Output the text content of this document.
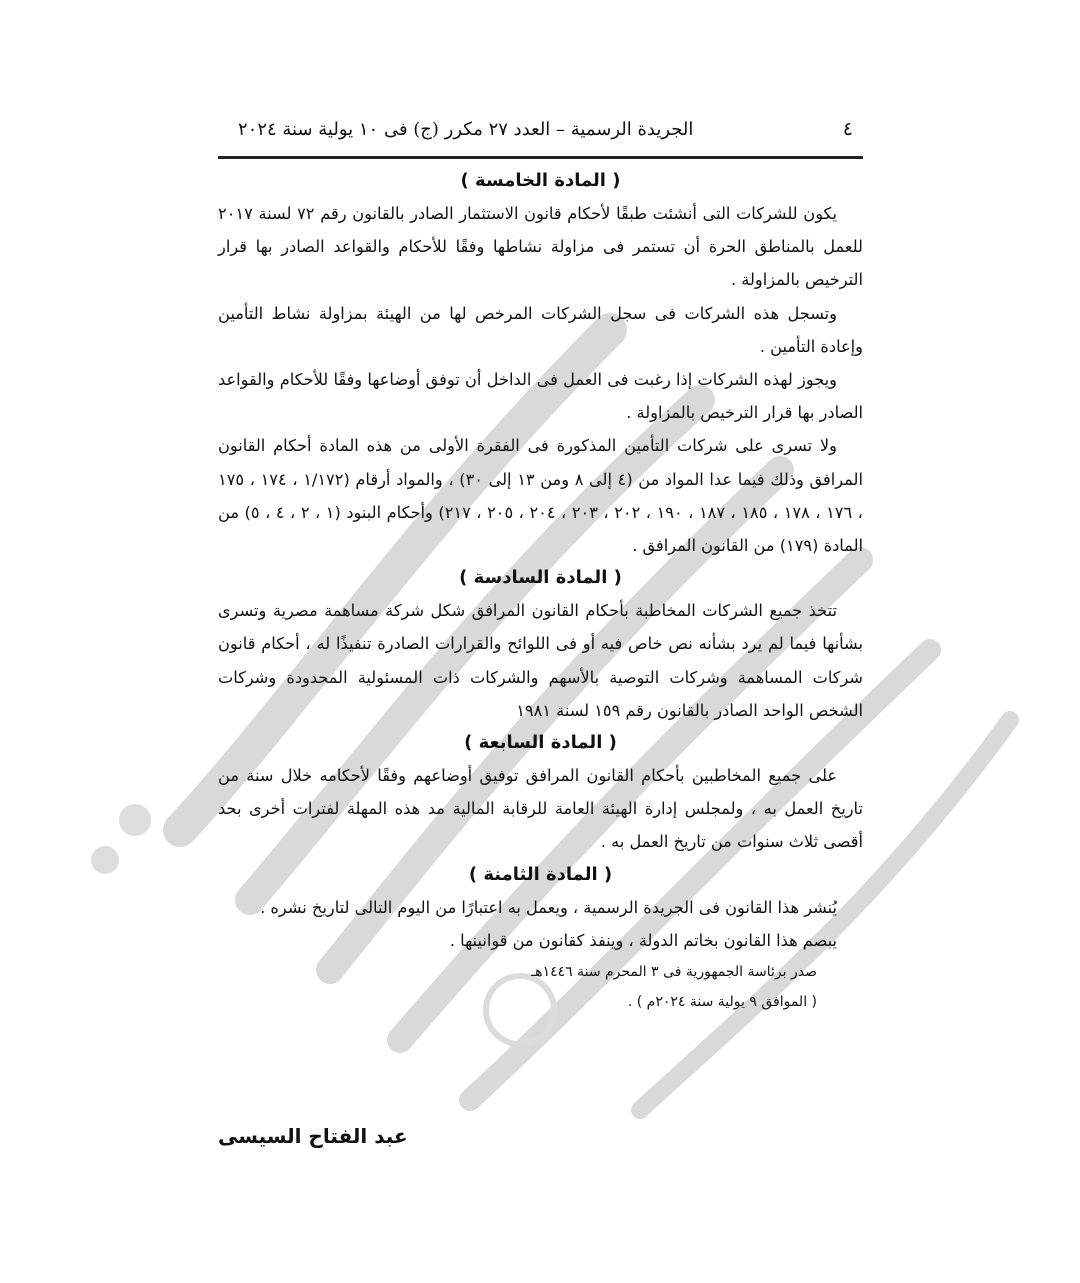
٤
الجريدة الرسمية – العدد ٢٧ مكرر (ج) فى ١٠ يولية سنة ٢٠٢٤
( المادة الخامسة )

يكون للشركات التى أنشئت طبقًا لأحكام قانون الاستثمار الصادر بالقانون رقم ٧٢ لسنة ٢٠١٧ للعمل بالمناطق الحرة أن تستمر فى مزاولة نشاطها وفقًا للأحكام والقواعد الصادر بها قرار الترخيص بالمزاولة .

وتسجل هذه الشركات فى سجل الشركات المرخص لها من الهيئة بمزاولة نشاط التأمين وإعادة التأمين .

ويجوز لهذه الشركات إذا رغبت فى العمل فى الداخل أن توفق أوضاعها وفقًا للأحكام والقواعد الصادر بها قرار الترخيص بالمزاولة .

ولا تسرى على شركات التأمين المذكورة فى الفقرة الأولى من هذه المادة أحكام القانون المرافق وذلك فيما عدا المواد من (٤ إلى ٨ ومن ١٣ إلى ٣٠) ، والمواد أرقام (١/١٧٢ ، ١٧٤ ، ١٧٥ ، ١٧٦ ، ١٧٨ ، ١٨٥ ، ١٨٧ ، ١٩٠ ، ٢٠٢ ، ٢٠٣ ، ٢٠٤ ، ٢٠٥ ، ٢١٧) وأحكام البنود (١ ، ٢ ، ٤ ، ٥) من المادة (١٧٩) من القانون المرافق .

( المادة السادسة )

تتخذ جميع الشركات المخاطبة بأحكام القانون المرافق شكل شركة مساهمة مصرية وتسرى بشأنها فيما لم يرد بشأنه نص خاص فيه أو فى اللوائح والقرارات الصادرة تنفيذًا له ، أحكام قانون شركات المساهمة وشركات التوصية بالأسهم والشركات ذات المسئولية المحدودة وشركات الشخص الواحد الصادر بالقانون رقم ١٥٩ لسنة ١٩٨١

( المادة السابعة )

على جميع المخاطبين بأحكام القانون المرافق توفيق أوضاعهم وفقًا لأحكامه خلال سنة من تاريخ العمل به ، ولمجلس إدارة الهيئة العامة للرقابة المالية مد هذه المهلة لفترات أخرى بحد أقصى ثلاث سنوات من تاريخ العمل به .

( المادة الثامنة )

يُنشر هذا القانون فى الجريدة الرسمية ، ويعمل به اعتبارًا من اليوم التالى لتاريخ نشره .

يبصم هذا القانون بخاتم الدولة ، وينفذ كقانون من قوانينها .

صدر برئاسة الجمهورية فى ٣ المحرم سنة ١٤٤٦هـ

( الموافق ٩ يولية سنة ٢٠٢٤م ) .

عبد الفتاح السيسى
